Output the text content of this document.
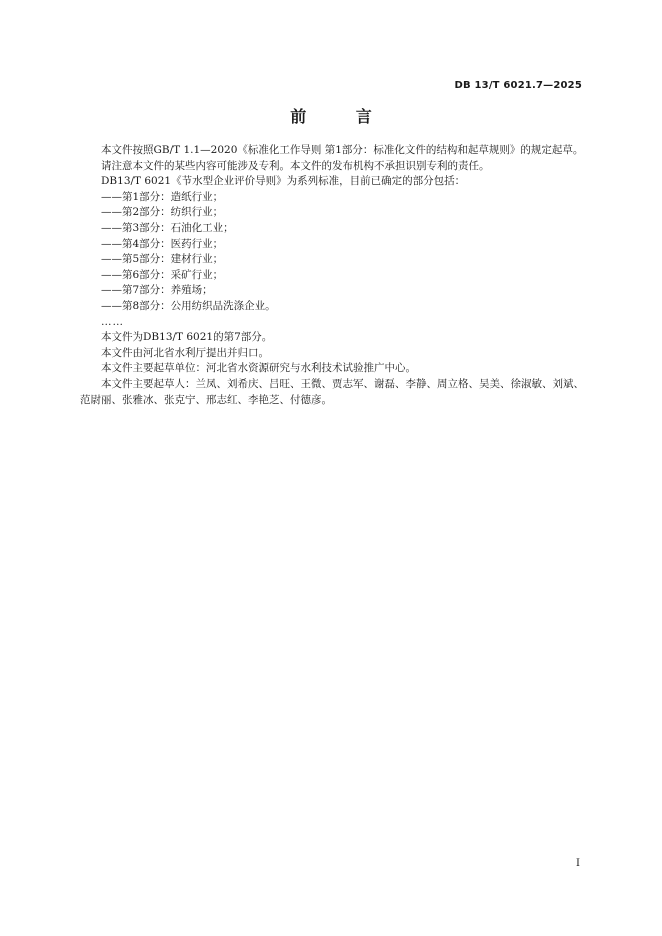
DB 13/T 6021.7—2025
前 言

本文件按照GB/T 1.1—2020《标准化工作导则 第1部分：标准化文件的结构和起草规则》的规定起草。

请注意本文件的某些内容可能涉及专利。本文件的发布机构不承担识别专利的责任。

DB13/T 6021《节水型企业评价导则》为系列标准，目前已确定的部分包括：

——第1部分：造纸行业；

——第2部分：纺织行业；

——第3部分：石油化工业；

——第4部分：医药行业；

——第5部分：建材行业；

——第6部分：采矿行业；

——第7部分：养殖场；

——第8部分：公用纺织品洗涤企业。

……

本文件为DB13/T 6021的第7部分。

本文件由河北省水利厅提出并归口。

本文件主要起草单位：河北省水资源研究与水利技术试验推广中心。

本文件主要起草人：兰凤、刘希庆、吕旺、王微、贾志军、谢磊、李静、周立格、吴美、徐淑敏、刘斌、范尉丽、张雅冰、张克宁、邢志红、李艳芝、付德彦。

I
